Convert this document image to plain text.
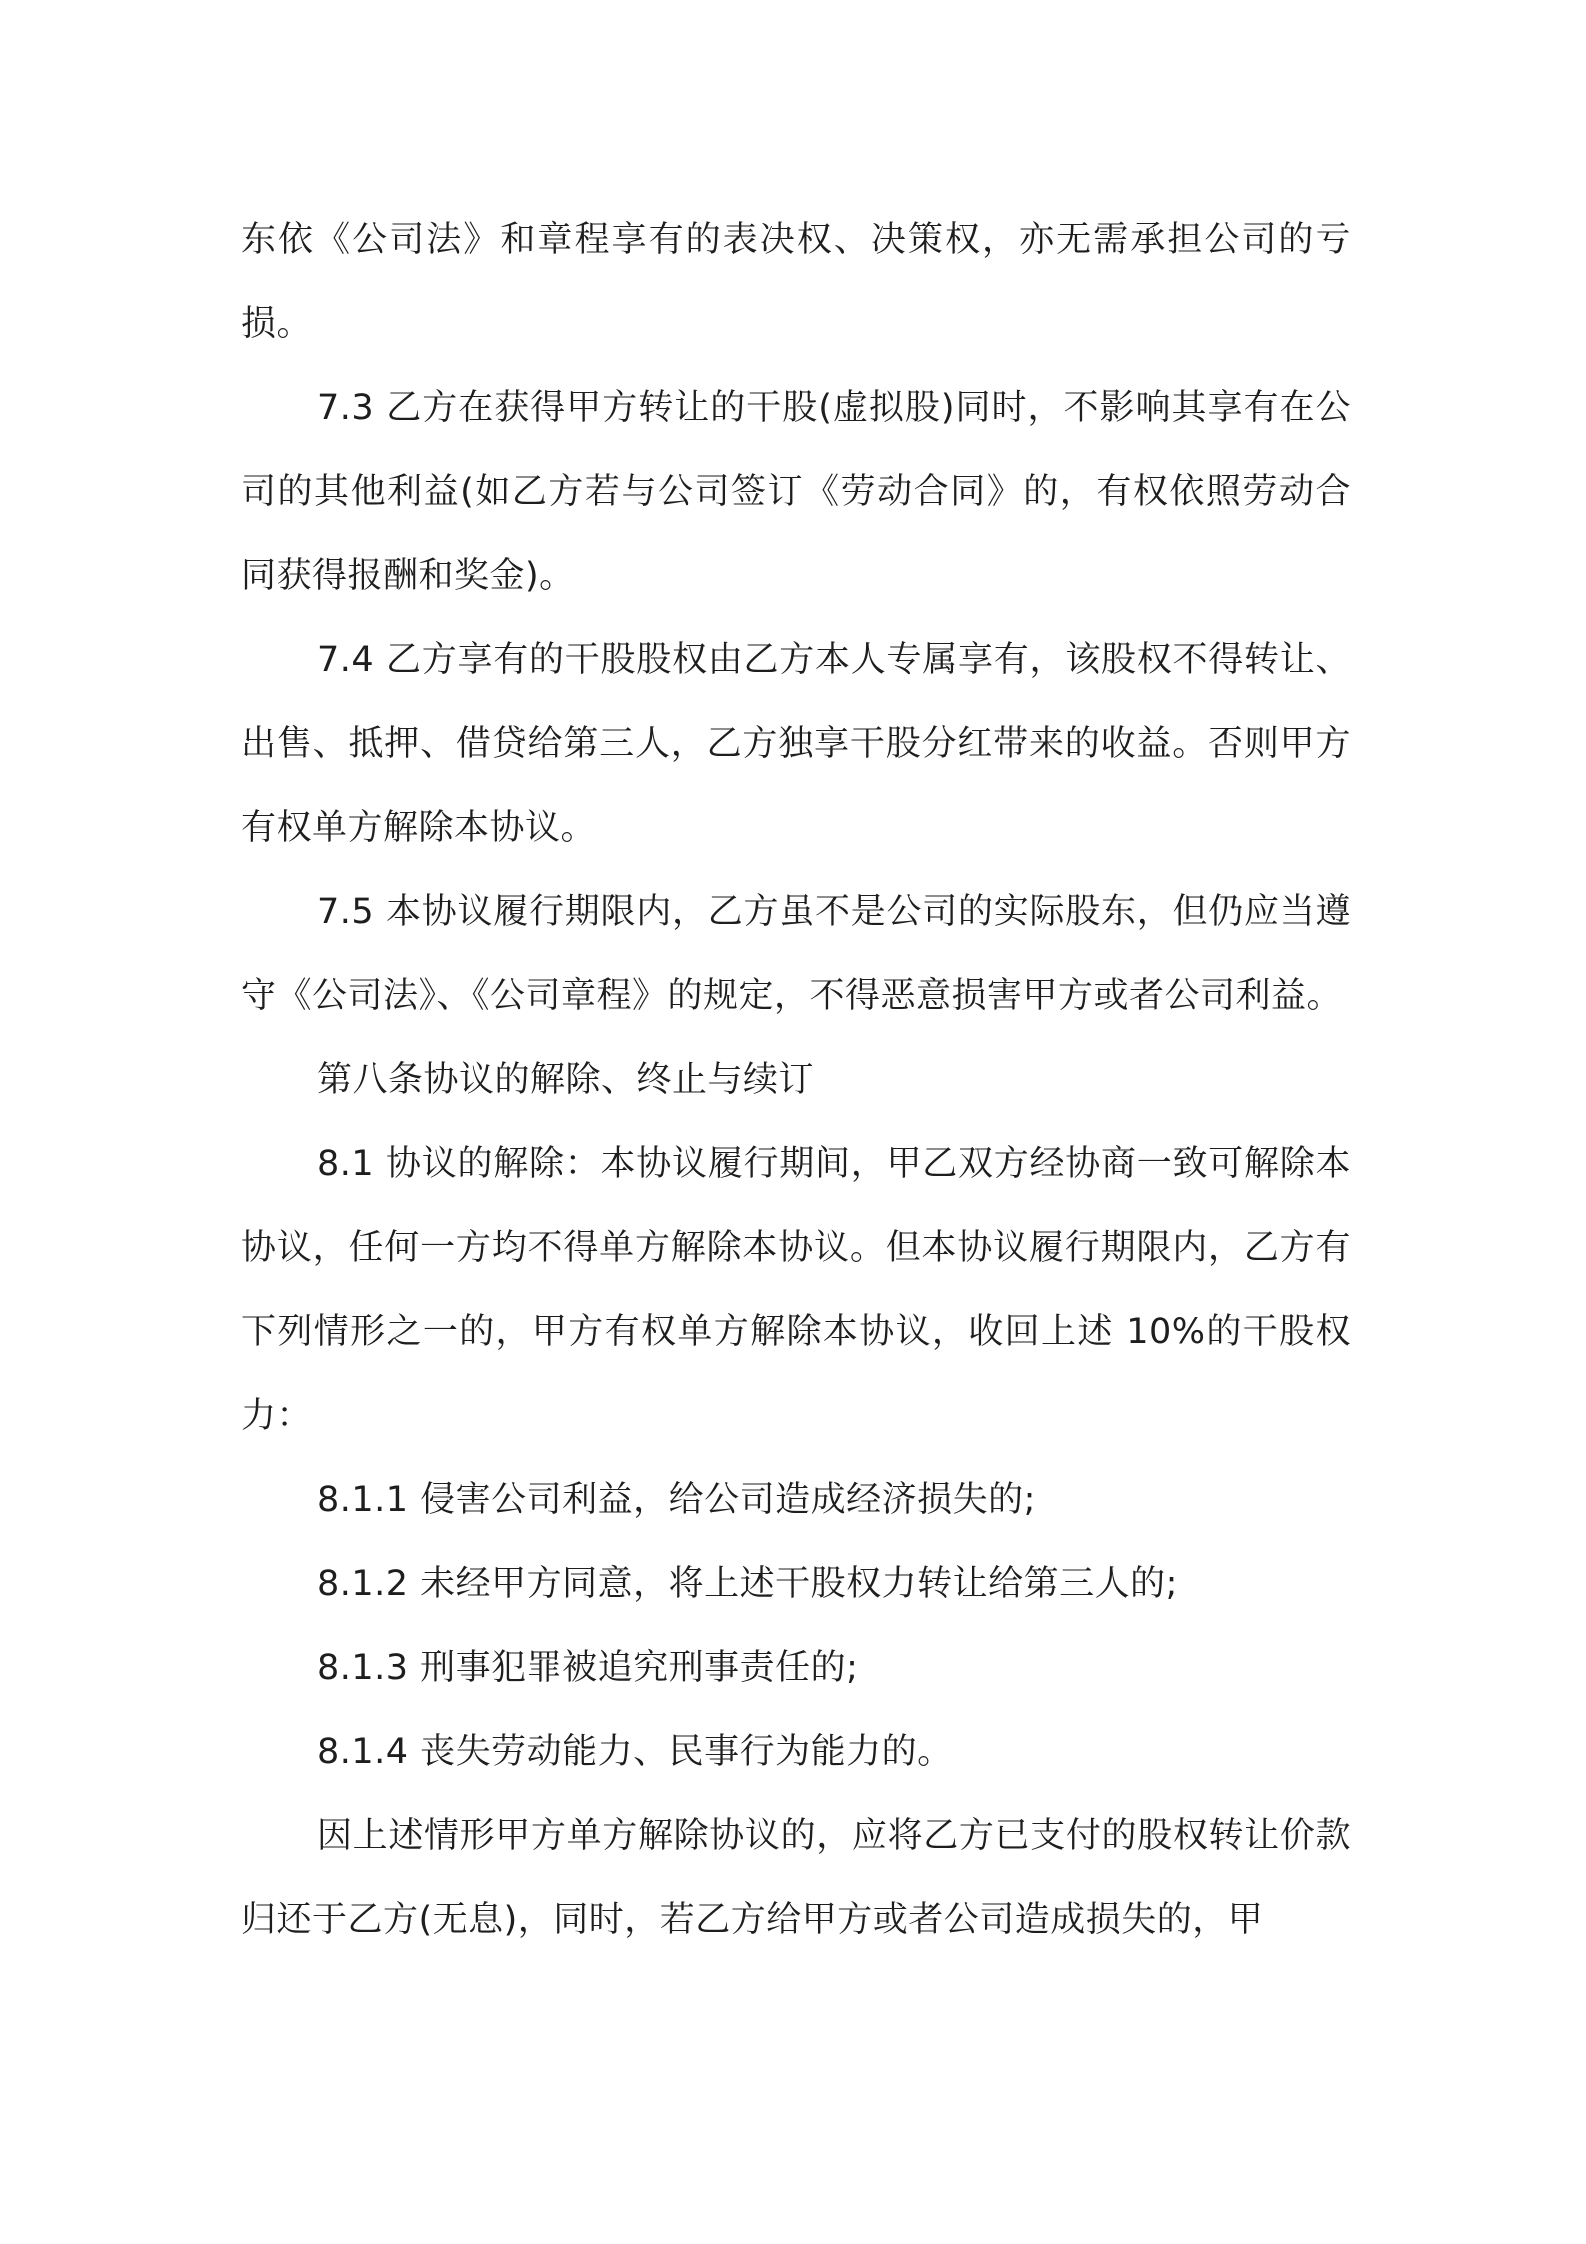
东依《公司法》和章程享有的表决权、决策权，亦无需承担公司的亏损。

7.3 乙方在获得甲方转让的干股(虚拟股)同时，不影响其享有在公司的其他利益(如乙方若与公司签订《劳动合同》的，有权依照劳动合同获得报酬和奖金)。

7.4 乙方享有的干股股权由乙方本人专属享有，该股权不得转让、出售、抵押、借贷给第三人，乙方独享干股分红带来的收益。否则甲方有权单方解除本协议。

7.5 本协议履行期限内，乙方虽不是公司的实际股东，但仍应当遵守《公司法》、《公司章程》的规定，不得恶意损害甲方或者公司利益。

第八条协议的解除、终止与续订

8.1 协议的解除：本协议履行期间，甲乙双方经协商一致可解除本协议，任何一方均不得单方解除本协议。但本协议履行期限内，乙方有下列情形之一的，甲方有权单方解除本协议，收回上述 10%的干股权力：

8.1.1 侵害公司利益，给公司造成经济损失的;

8.1.2 未经甲方同意，将上述干股权力转让给第三人的;

8.1.3 刑事犯罪被追究刑事责任的;

8.1.4 丧失劳动能力、民事行为能力的。

因上述情形甲方单方解除协议的，应将乙方已支付的股权转让价款归还于乙方(无息)，同时，若乙方给甲方或者公司造成损失的，甲
